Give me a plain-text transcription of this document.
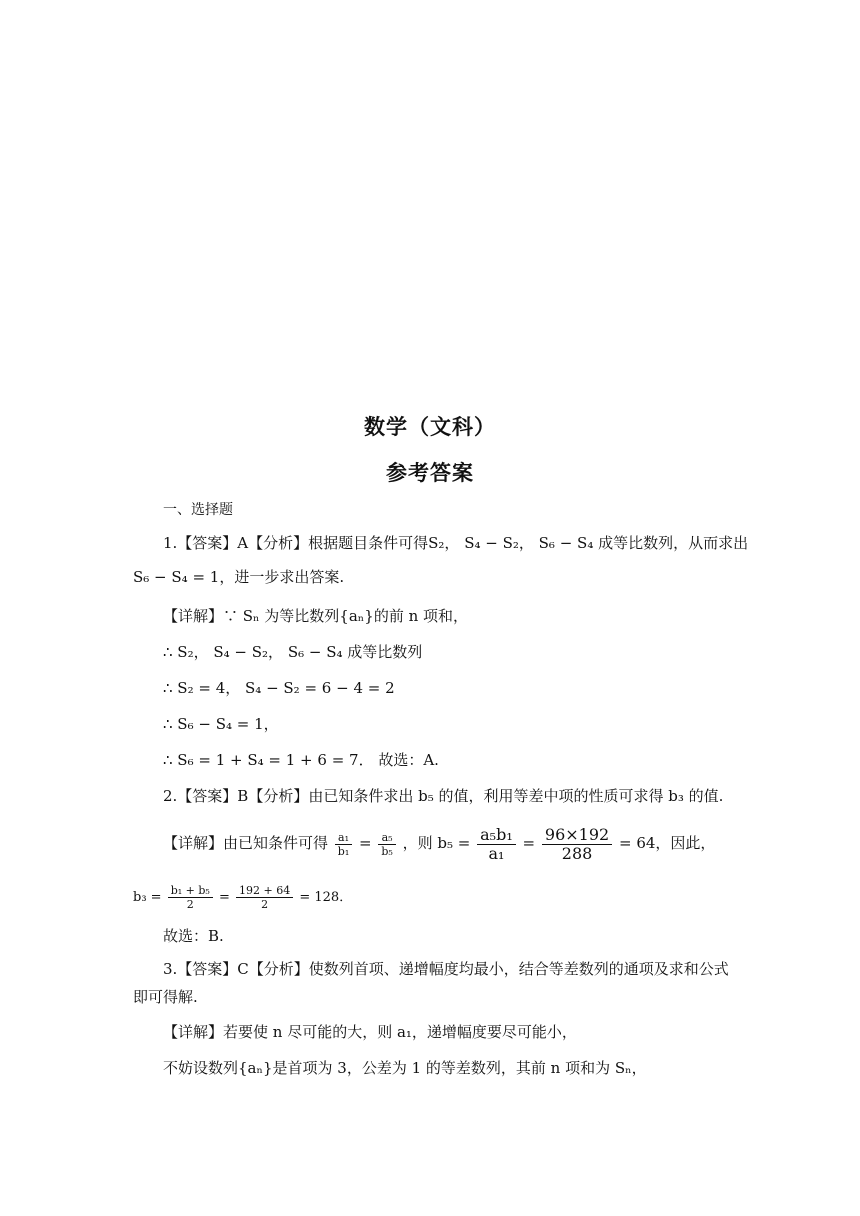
数学（文科）
参考答案
一、选择题
1.【答案】A【分析】根据题目条件可得S₂， S₄ − S₂， S₆ − S₄ 成等比数列，从而求出
S₆ − S₄ = 1，进一步求出答案.
【详解】∵ Sₙ 为等比数列{aₙ}的前 n 项和，
∴ S₂， S₄ − S₂， S₆ − S₄ 成等比数列
∴ S₂ = 4， S₄ − S₂ = 6 − 4 = 2
∴ S₆ − S₄ = 1，
∴ S₆ = 1 + S₄ = 1 + 6 = 7． 故选：A.
2.【答案】B【分析】由已知条件求出 b₅ 的值，利用等差中项的性质可求得 b₃ 的值.
【详解】由已知条件可得 $\frac{\text{a₁}}{\text{b₁}} = \frac{\text{a₅}}{\text{b₅}}$ ，则 $b_5 = \frac{\text{a₅b₁}}{\text{a₁}} = \frac{96\times 192}{288} = 64$，因此，
$b_3 = \frac{\text{b₁ + b₅}}{2} = \frac{192 + 64}{2} = 128$．
故选：B.
3.【答案】C【分析】使数列首项、递增幅度均最小，结合等差数列的通项及求和公式
即可得解.
【详解】若要使 n 尽可能的大，则 a₁，递增幅度要尽可能小，
不妨设数列{aₙ}是首项为 3，公差为 1 的等差数列，其前 n 项和为 Sₙ，
